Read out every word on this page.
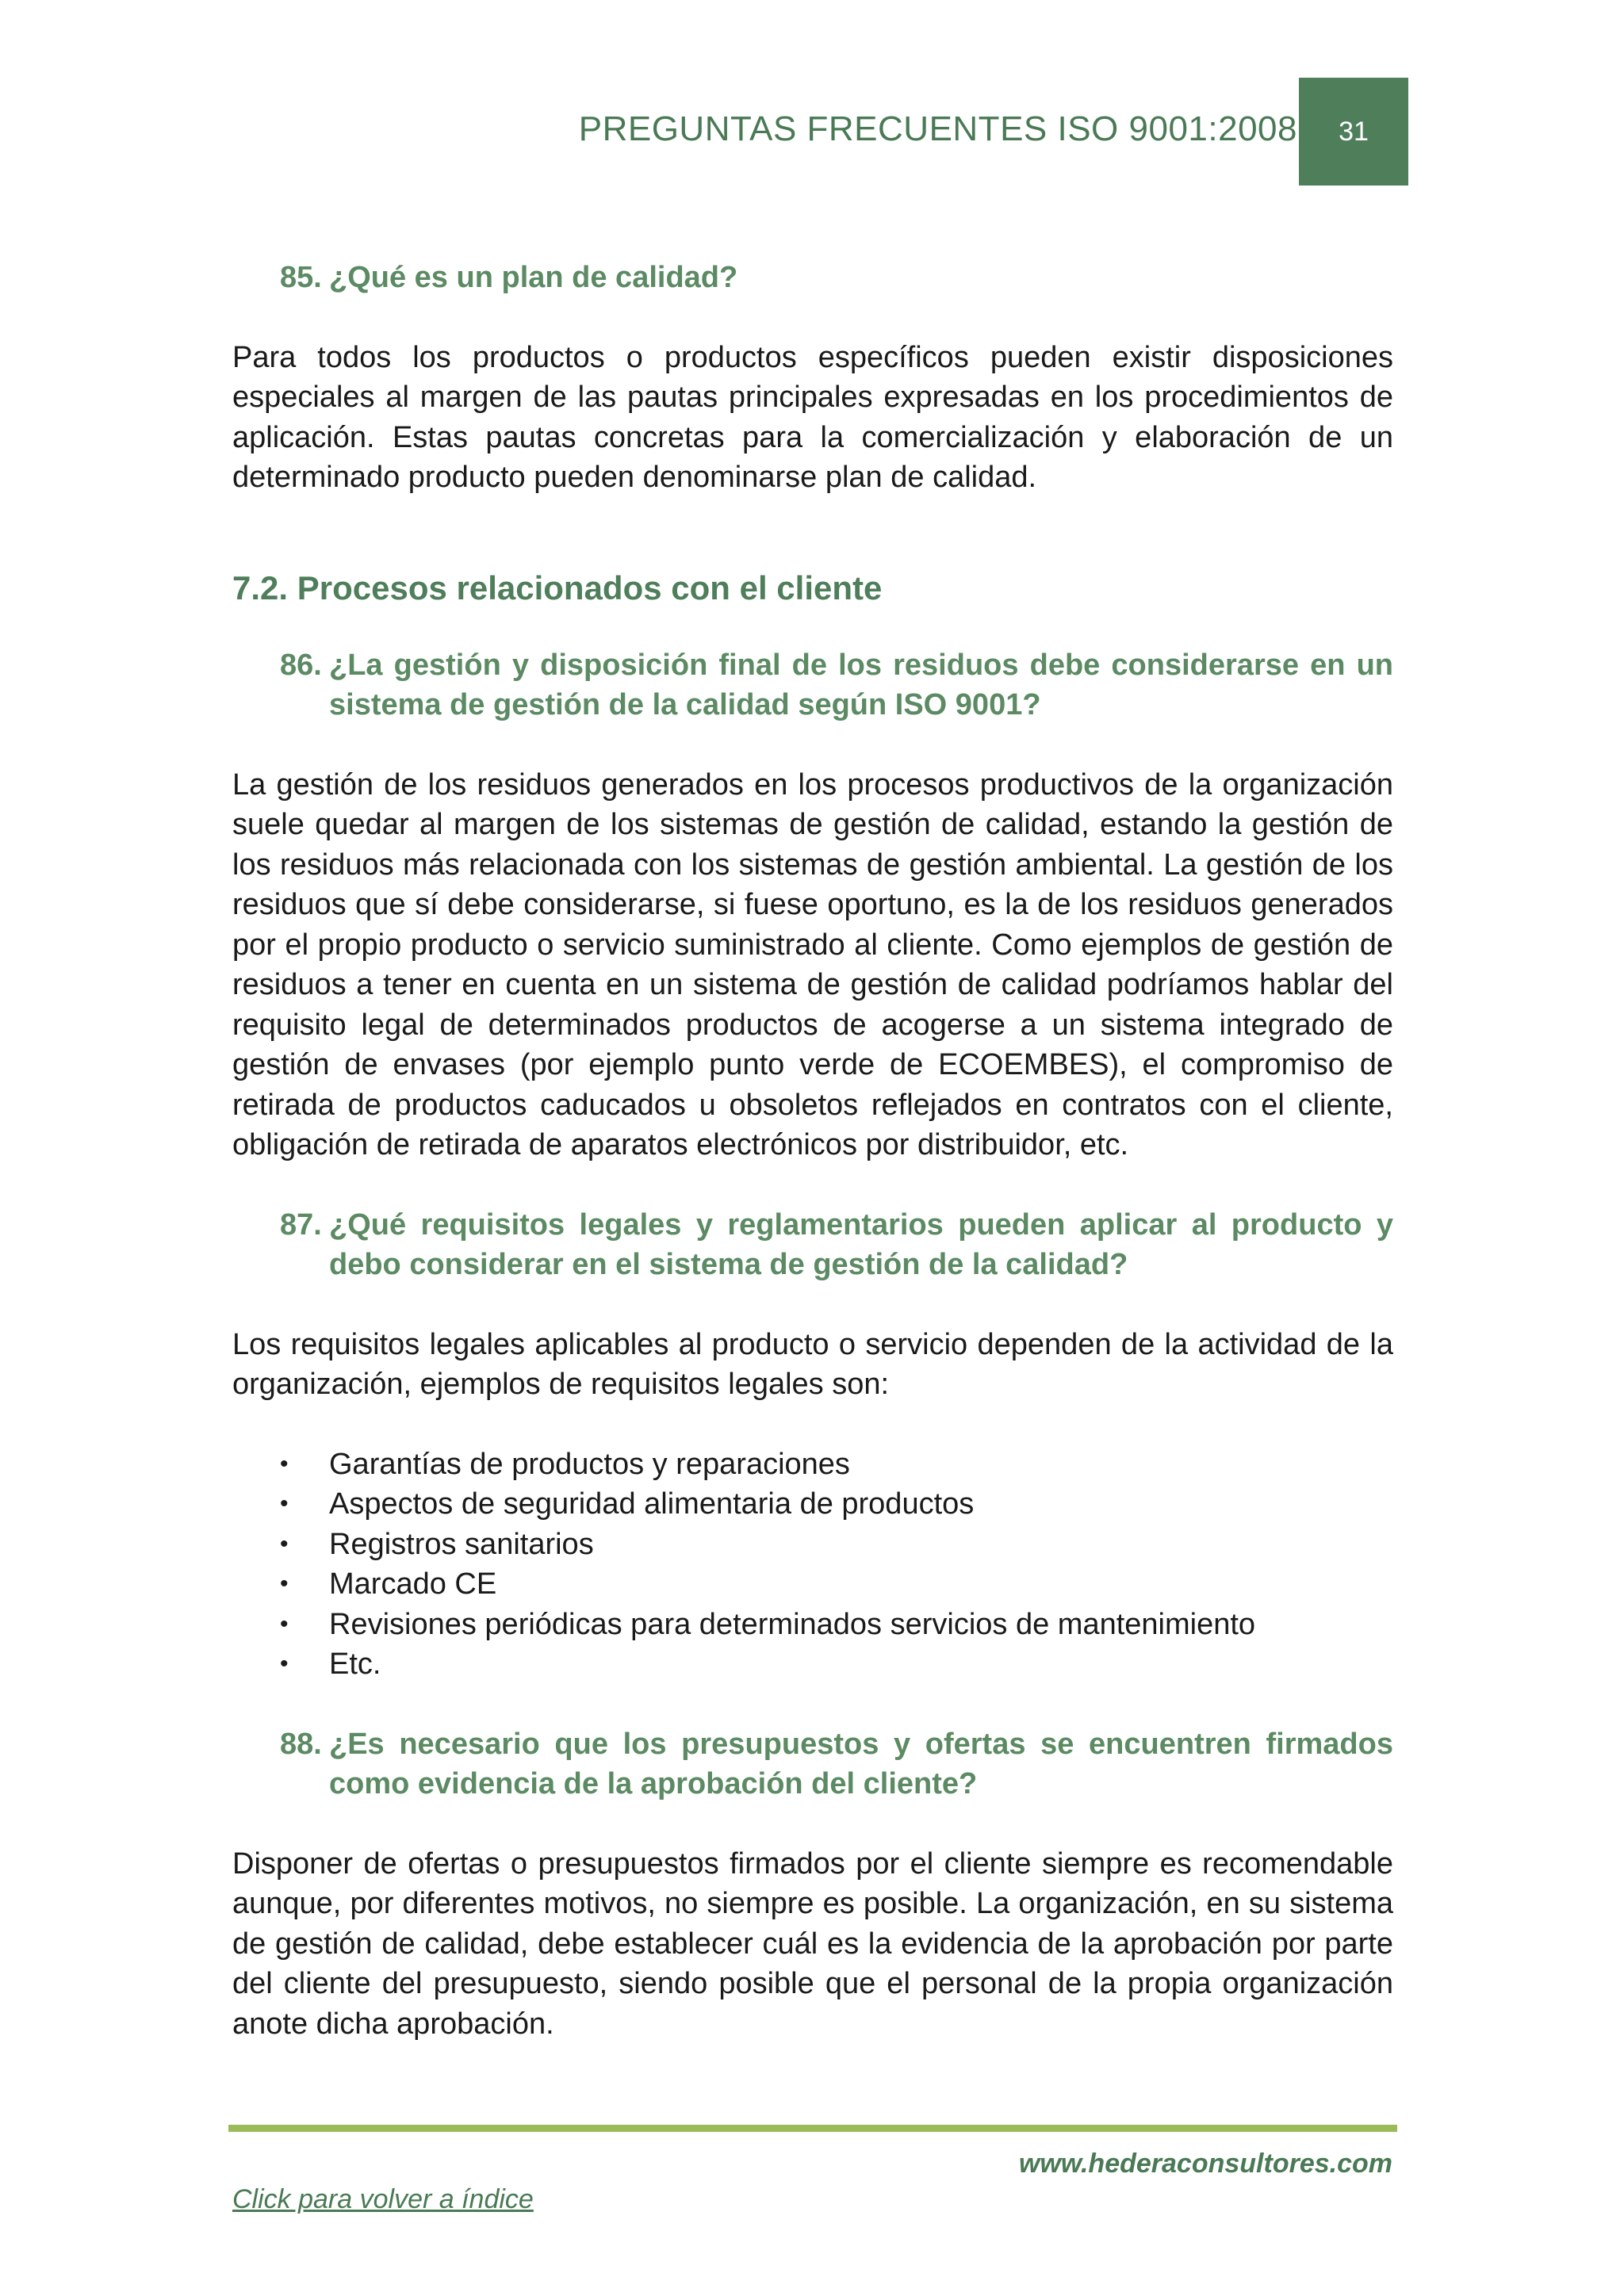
PREGUNTAS FRECUENTES ISO 9001:2008 31
85. ¿Qué es un plan de calidad?

Para todos los productos o productos específicos pueden existir disposiciones especiales al margen de las pautas principales expresadas en los procedimientos de aplicación. Estas pautas concretas para la comercialización y elaboración de un determinado producto pueden denominarse plan de calidad.

7.2. Procesos relacionados con el cliente
86. ¿La gestión y disposición final de los residuos debe considerarse en un sistema de gestión de la calidad según ISO 9001?

La gestión de los residuos generados en los procesos productivos de la organización suele quedar al margen de los sistemas de gestión de calidad, estando la gestión de los residuos más relacionada con los sistemas de gestión ambiental. La gestión de los residuos que sí debe considerarse, si fuese oportuno, es la de los residuos generados por el propio producto o servicio suministrado al cliente. Como ejemplos de gestión de residuos a tener en cuenta en un sistema de gestión de calidad podríamos hablar del requisito legal de determinados productos de acogerse a un sistema integrado de gestión de envases (por ejemplo punto verde de ECOEMBES), el compromiso de retirada de productos caducados u obsoletos reflejados en contratos con el cliente, obligación de retirada de aparatos electrónicos por distribuidor, etc.

87. ¿Qué requisitos legales y reglamentarios pueden aplicar al producto y debo considerar en el sistema de gestión de la calidad?

Los requisitos legales aplicables al producto o servicio dependen de la actividad de la organización, ejemplos de requisitos legales son:

•	Garantías de productos y reparaciones
•	Aspectos de seguridad alimentaria de productos
•	Registros sanitarios
•	Marcado CE
•	Revisiones periódicas para determinados servicios de mantenimiento
•	Etc.
88. ¿Es necesario que los presupuestos y ofertas se encuentren firmados como evidencia de la aprobación del cliente?

Disponer de ofertas o presupuestos firmados por el cliente siempre es recomendable aunque, por diferentes motivos, no siempre es posible. La organización, en su sistema de gestión de calidad, debe establecer cuál es la evidencia de la aprobación por parte del cliente del presupuesto, siendo posible que el personal de la propia organización anote dicha aprobación.

www.hederaconsultores.com
Click para volver a índice
